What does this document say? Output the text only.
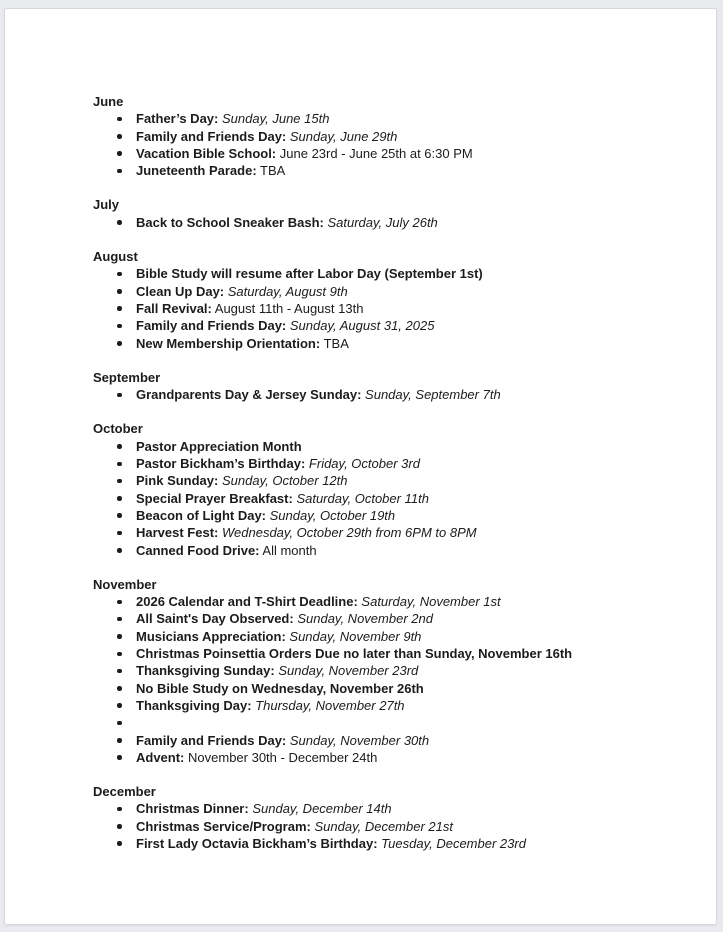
June
Father’s Day: Sunday, June 15th
Family and Friends Day: Sunday, June 29th
Vacation Bible School: June 23rd - June 25th at 6:30 PM
Juneteenth Parade: TBA
July
Back to School Sneaker Bash: Saturday, July 26th
August
Bible Study will resume after Labor Day (September 1st)
Clean Up Day: Saturday, August 9th
Fall Revival: August 11th - August 13th
Family and Friends Day: Sunday, August 31, 2025
New Membership Orientation: TBA
September
Grandparents Day & Jersey Sunday: Sunday, September 7th
October
Pastor Appreciation Month
Pastor Bickham’s Birthday: Friday, October 3rd
Pink Sunday: Sunday, October 12th
Special Prayer Breakfast: Saturday, October 11th
Beacon of Light Day: Sunday, October 19th
Harvest Fest: Wednesday, October 29th from 6PM to 8PM
Canned Food Drive: All month
November
2026 Calendar and T-Shirt Deadline: Saturday, November 1st
All Saint's Day Observed: Sunday, November 2nd
Musicians Appreciation: Sunday, November 9th
Christmas Poinsettia Orders Due no later than Sunday, November 16th
Thanksgiving Sunday: Sunday, November 23rd
No Bible Study on Wednesday, November 26th
Thanksgiving Day: Thursday, November 27th
Family and Friends Day: Sunday, November 30th
Advent: November 30th - December 24th
December
Christmas Dinner: Sunday, December 14th
Christmas Service/Program: Sunday, December 21st
First Lady Octavia Bickham’s Birthday: Tuesday, December 23rd
